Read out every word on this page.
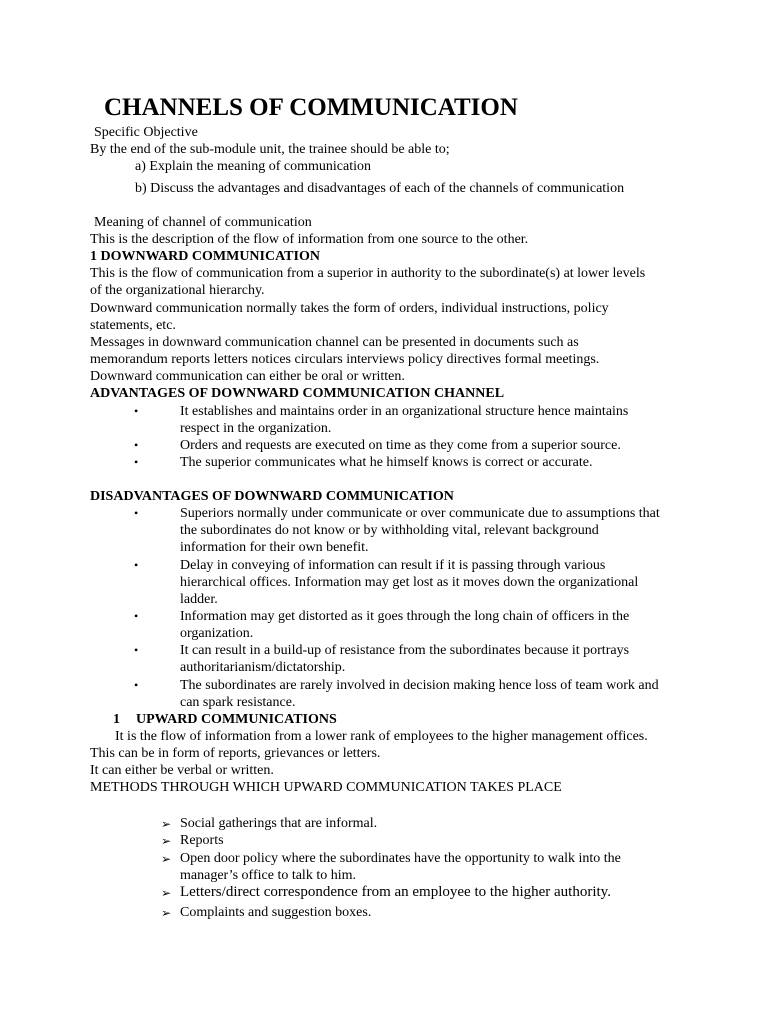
CHANNELS OF COMMUNICATION
Specific Objective
By the end of the sub-module unit, the trainee should be able to;
a) Explain the meaning of communication
b) Discuss the advantages and disadvantages of each of the channels of communication
Meaning of channel of communication
This is the description of the flow of information from one source to the other.
1 DOWNWARD COMMUNICATION
This is the flow of communication from a superior in authority to the subordinate(s) at lower levels
of the organizational hierarchy.
Downward communication normally takes the form of orders, individual instructions, policy
statements, etc.
Messages in downward communication channel can be presented in documents such as
memorandum reports letters notices circulars interviews policy directives formal meetings.
Downward communication can either be oral or written.
ADVANTAGES OF DOWNWARD COMMUNICATION CHANNEL
•	It establishes and maintains order in an organizational structure hence maintains
respect in the organization.
•	Orders and requests are executed on time as they come from a superior source.
•	The superior communicates what he himself knows is correct or accurate.
DISADVANTAGES OF DOWNWARD COMMUNICATION
•	Superiors normally under communicate or over communicate due to assumptions that
the subordinates do not know or by withholding vital, relevant background
information for their own benefit.
•	Delay in conveying of information can result if it is passing through various
hierarchical offices. Information may get lost as it moves down the organizational
ladder.
•	Information may get distorted as it goes through the long chain of officers in the
organization.
•	It can result in a build-up of resistance from the subordinates because it portrays
authoritarianism/dictatorship.
•	The subordinates are rarely involved in decision making hence loss of team work and
can spark resistance.
1 UPWARD COMMUNICATIONS
It is the flow of information from a lower rank of employees to the higher management offices.
This can be in form of reports, grievances or letters.
It can either be verbal or written.
METHODS THROUGH WHICH UPWARD COMMUNICATION TAKES PLACE
➢ Social gatherings that are informal.
➢ Reports
➢ Open door policy where the subordinates have the opportunity to walk into the
manager’s office to talk to him.
➢ Letters/direct correspondence from an employee to the higher authority.
➢ Complaints and suggestion boxes.
